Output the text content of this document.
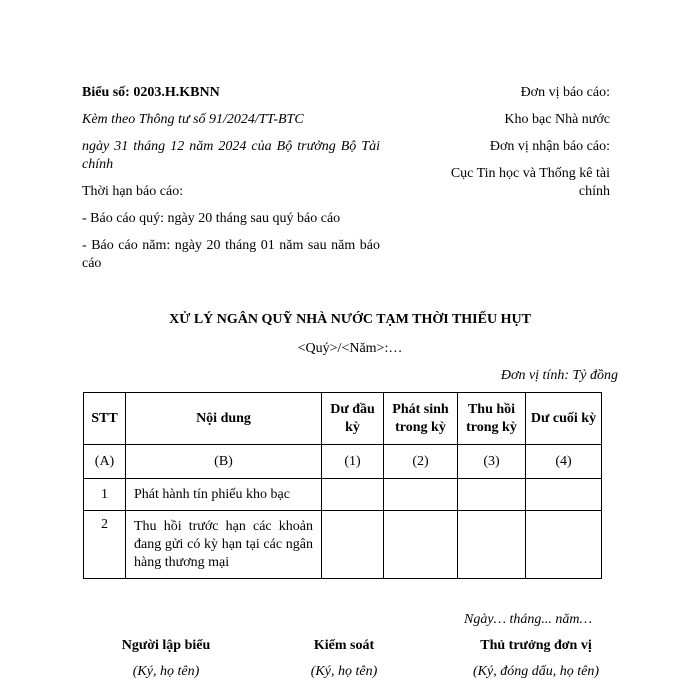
Biểu số: 0203.H.KBNN

Kèm theo Thông tư số 91/2024/TT-BTC

ngày 31 tháng 12 năm 2024 của Bộ trưởng Bộ Tài chính

Thời hạn báo cáo:

- Báo cáo quý: ngày 20 tháng sau quý báo cáo

- Báo cáo năm: ngày 20 tháng 01 năm sau năm báo cáo

Đơn vị báo cáo:

Kho bạc Nhà nước

Đơn vị nhận báo cáo:

Cục Tin học và Thống kê tài chính

XỬ LÝ NGÂN QUỸ NHÀ NƯỚC TẠM THỜI THIẾU HỤT
<Quý>/<Năm>:…
Đơn vị tính: Tỷ đồng
STT	Nội dung	Dư đầu kỳ	Phát sinh trong kỳ	Thu hồi trong kỳ	Dư cuối kỳ
(A)	(B)	(1)	(2)	(3)	(4)
1	Phát hành tín phiếu kho bạc				
2	Thu hồi trước hạn các khoản đang gửi có kỳ hạn tại các ngân hàng thương mại				
Ngày… tháng... năm…
Người lập biểu
(Ký, họ tên)
Kiểm soát
(Ký, họ tên)
Thủ trưởng đơn vị
(Ký, đóng dấu, họ tên)
